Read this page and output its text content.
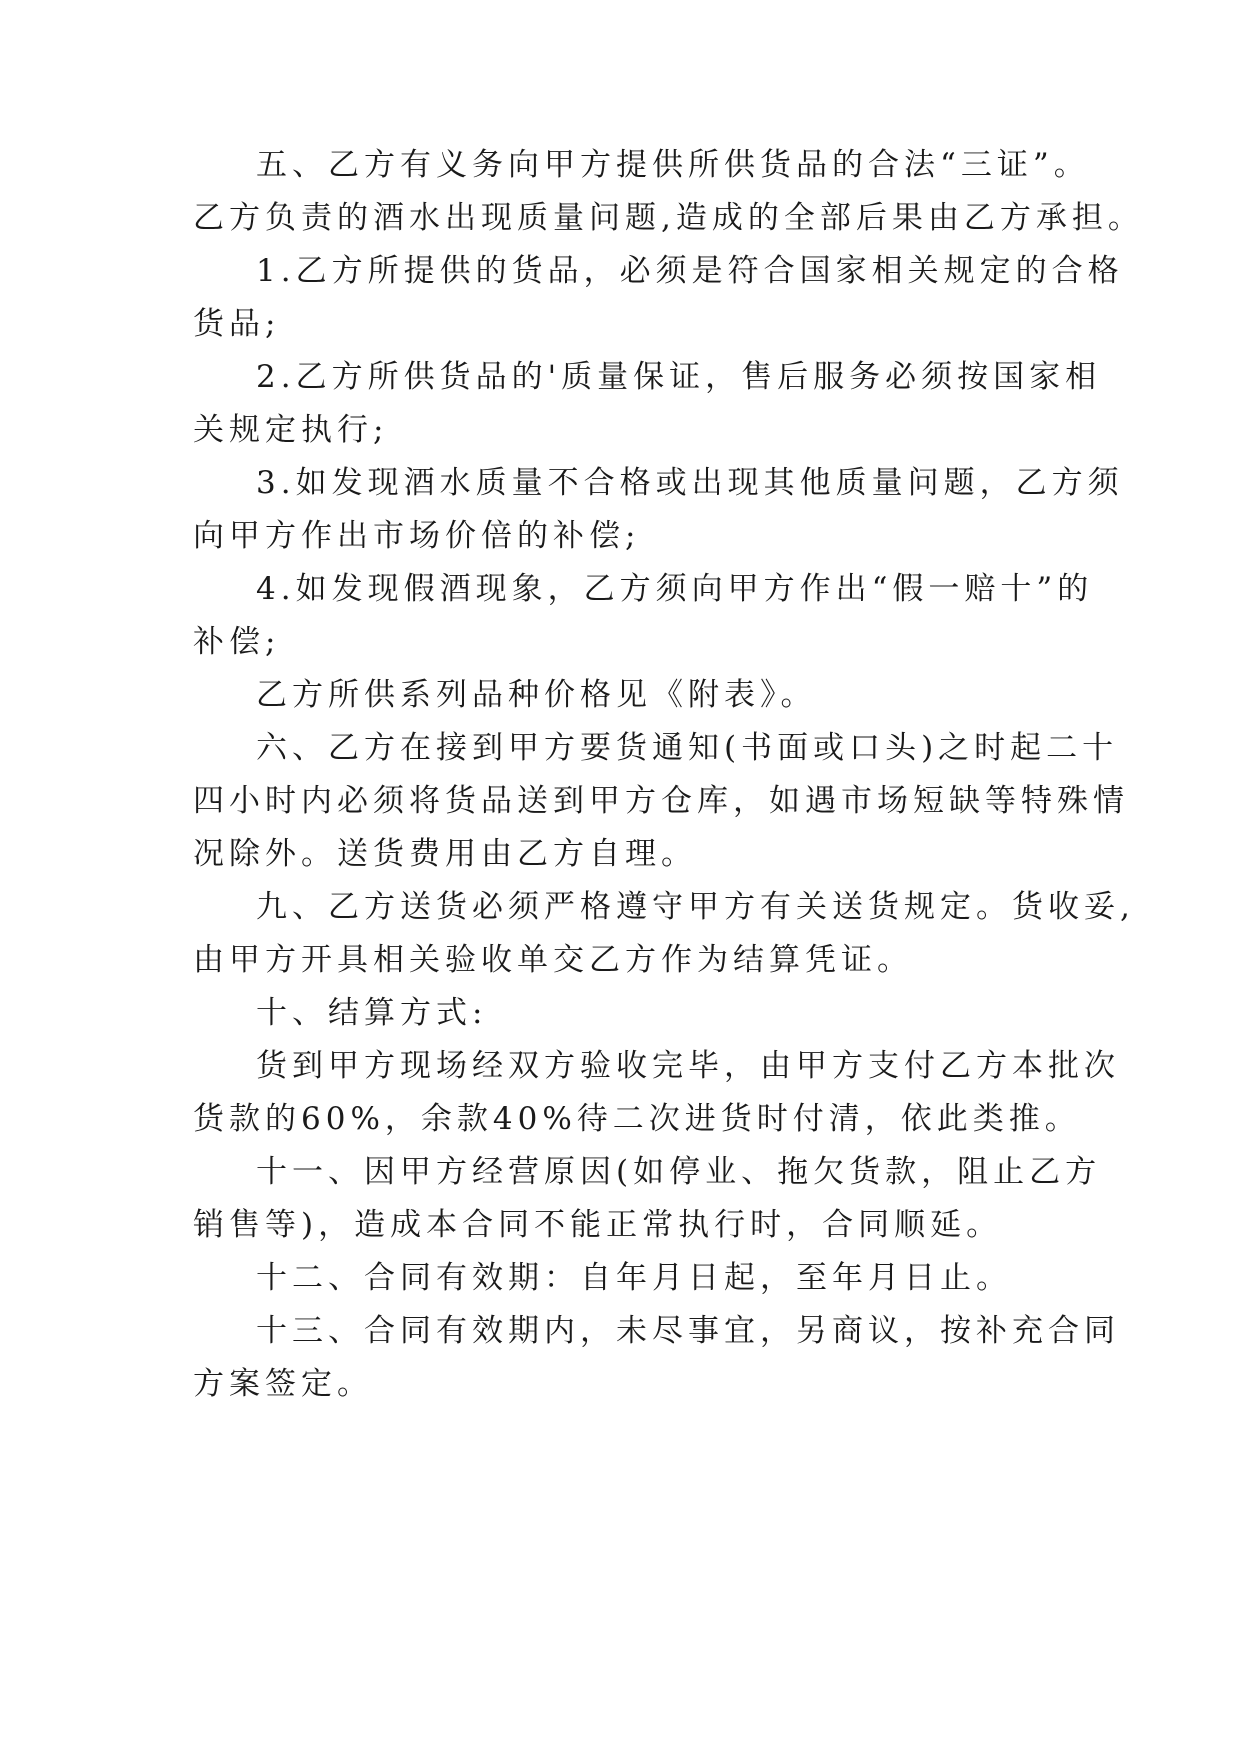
五、乙方有义务向甲方提供所供货品的合法“三证”。
乙方负责的酒水出现质量问题,造成的全部后果由乙方承担。
1.乙方所提供的货品，必须是符合国家相关规定的合格
货品;
2.乙方所供货品的'质量保证，售后服务必须按国家相
关规定执行;
3.如发现酒水质量不合格或出现其他质量问题，乙方须
向甲方作出市场价倍的补偿;
4.如发现假酒现象，乙方须向甲方作出“假一赔十”的
补偿;
乙方所供系列品种价格见《附表》。
六、乙方在接到甲方要货通知(书面或口头)之时起二十
四小时内必须将货品送到甲方仓库，如遇市场短缺等特殊情
况除外。送货费用由乙方自理。
九、乙方送货必须严格遵守甲方有关送货规定。货收妥,
由甲方开具相关验收单交乙方作为结算凭证。
十、结算方式:
货到甲方现场经双方验收完毕，由甲方支付乙方本批次
货款的60%，余款40%待二次进货时付清，依此类推。
十一、因甲方经营原因(如停业、拖欠货款，阻止乙方
销售等)，造成本合同不能正常执行时，合同顺延。
十二、合同有效期：自年月日起，至年月日止。
十三、合同有效期内，未尽事宜，另商议，按补充合同
方案签定。
